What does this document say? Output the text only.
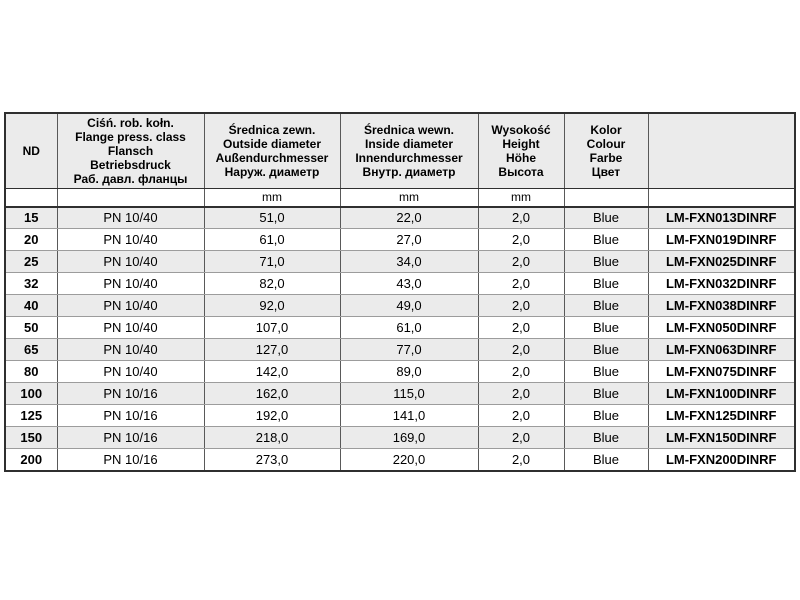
ND	Ciśń. rob. kołn.
Flange press. class
Flansch
Betriebsdruck
Раб. давл. фланцы	Średnica zewn.
Outside diameter
Außendurchmesser
Наруж. диаметр	Średnica wewn.
Inside diameter
Innendurchmesser
Внутр. диаметр	Wysokość
Height
Höhe
Высота	Kolor
Colour
Farbe
Цвет	

		mm	mm	mm		
15	PN 10/40	51,0	22,0	2,0	Blue	LM-FXN013DINRF
20	PN 10/40	61,0	27,0	2,0	Blue	LM-FXN019DINRF
25	PN 10/40	71,0	34,0	2,0	Blue	LM-FXN025DINRF
32	PN 10/40	82,0	43,0	2,0	Blue	LM-FXN032DINRF
40	PN 10/40	92,0	49,0	2,0	Blue	LM-FXN038DINRF
50	PN 10/40	107,0	61,0	2,0	Blue	LM-FXN050DINRF
65	PN 10/40	127,0	77,0	2,0	Blue	LM-FXN063DINRF
80	PN 10/40	142,0	89,0	2,0	Blue	LM-FXN075DINRF
100	PN 10/16	162,0	115,0	2,0	Blue	LM-FXN100DINRF
125	PN 10/16	192,0	141,0	2,0	Blue	LM-FXN125DINRF
150	PN 10/16	218,0	169,0	2,0	Blue	LM-FXN150DINRF
200	PN 10/16	273,0	220,0	2,0	Blue	LM-FXN200DINRF
